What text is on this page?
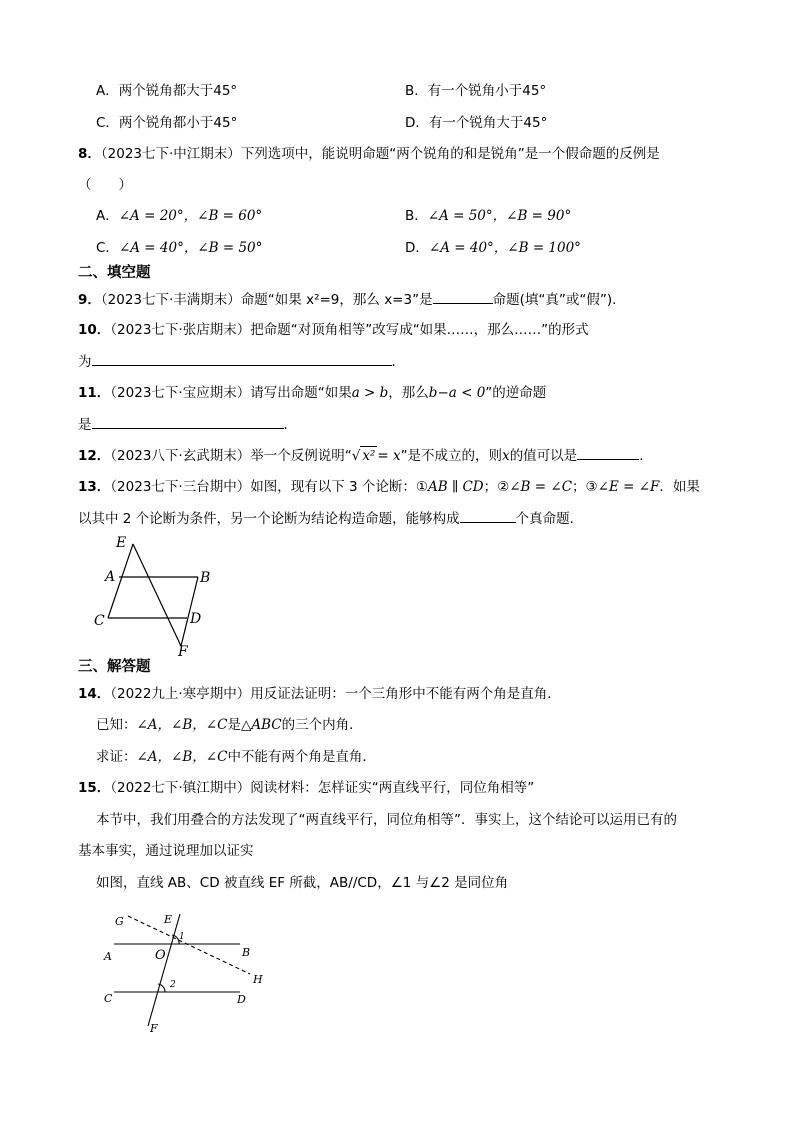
A．两个锐角都大于45°	B．有一个锐角小于45°
C．两个锐角都小于45°	D．有一个锐角大于45°
8．（2023七下·中江期末）下列选项中，能说明命题“两个锐角的和是锐角”是一个假命题的反例是
（　　）
A．∠A = 20°，∠B = 60°	B．∠A = 50°，∠B = 90°
C．∠A = 40°，∠B = 50°	D．∠A = 40°，∠B = 100°
二、填空题
9．（2023七下·丰满期末）命题“如果 x²=9，那么 x=3”是	命题(填“真”或“假”).
10．（2023七下·张店期末）把命题“对顶角相等”改写成“如果……，那么……”的形式
为	．
11．（2023七下·宝应期末）请写出命题“如果a > b，那么b−a < 0”的逆命题
是	．
12．（2023八下·玄武期末）举一个反例说明“√ x² = x”是不成立的，则x的值可以是	.
13．（2023七下·三台期中）如图，现有以下 3 个论断：①AB ∥ CD；②∠B = ∠C；③∠E = ∠F．如果
以其中 2 个论断为条件，另一个论断为结论构造命题，能够构成	个真命题．
E
A	B
C	D
F
三、解答题
14．（2022九上·寒亭期中）用反证法证明：一个三角形中不能有两个角是直角．
已知：∠A，∠B，∠C是△ABC的三个内角．
求证：∠A，∠B，∠C中不能有两个角是直角．
15．（2022七下·镇江期中）阅读材料：怎样证实“两直线平行，同位角相等”
本节中，我们用叠合的方法发现了“两直线平行，同位角相等”．事实上，这个结论可以运用已有的
基本事实，通过说理加以证实
如图，直线 AB、CD 被直线 EF 所截，AB//CD，∠1 与∠2 是同位角
G	E
1
B
A	O
H
2
C	D
F
